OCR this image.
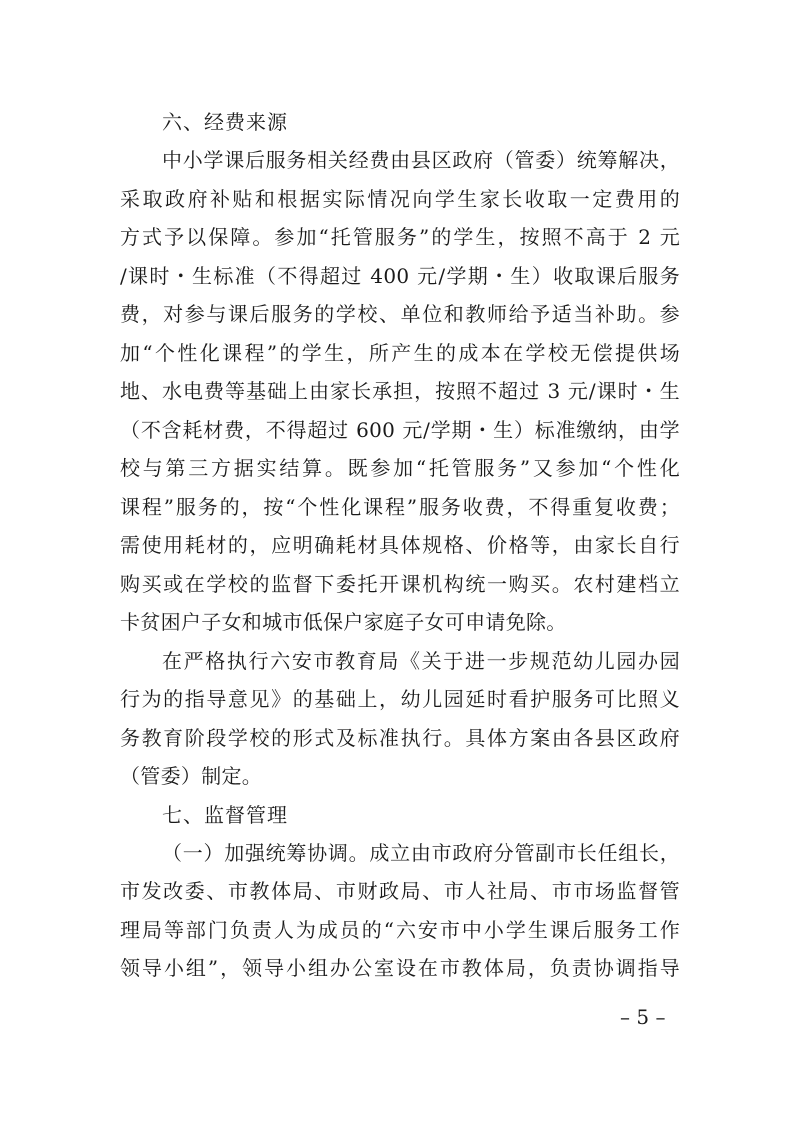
六、经费来源

中小学课后服务相关经费由县区政府（管委）统筹解决，
采取政府补贴和根据实际情况向学生家长收取一定费用的
方式予以保障。参加“托管服务”的学生，按照不高于 2 元
/课时・生标准（不得超过 400 元/学期・生）收取课后服务
费，对参与课后服务的学校、单位和教师给予适当补助。参
加“个性化课程”的学生，所产生的成本在学校无偿提供场
地、水电费等基础上由家长承担，按照不超过 3 元/课时・生
（不含耗材费，不得超过 600 元/学期・生）标准缴纳，由学
校与第三方据实结算。既参加“托管服务”又参加“个性化
课程”服务的，按“个性化课程”服务收费，不得重复收费；
需使用耗材的，应明确耗材具体规格、价格等，由家长自行
购买或在学校的监督下委托开课机构统一购买。农村建档立
卡贫困户子女和城市低保户家庭子女可申请免除。

在严格执行六安市教育局《关于进一步规范幼儿园办园
行为的指导意见》的基础上，幼儿园延时看护服务可比照义
务教育阶段学校的形式及标准执行。具体方案由各县区政府
（管委）制定。

七、监督管理

（一）加强统筹协调。成立由市政府分管副市长任组长，
市发改委、市教体局、市财政局、市人社局、市市场监督管
理局等部门负责人为成员的“六安市中小学生课后服务工作
领导小组”，领导小组办公室设在市教体局，负责协调指导

– 5 –
